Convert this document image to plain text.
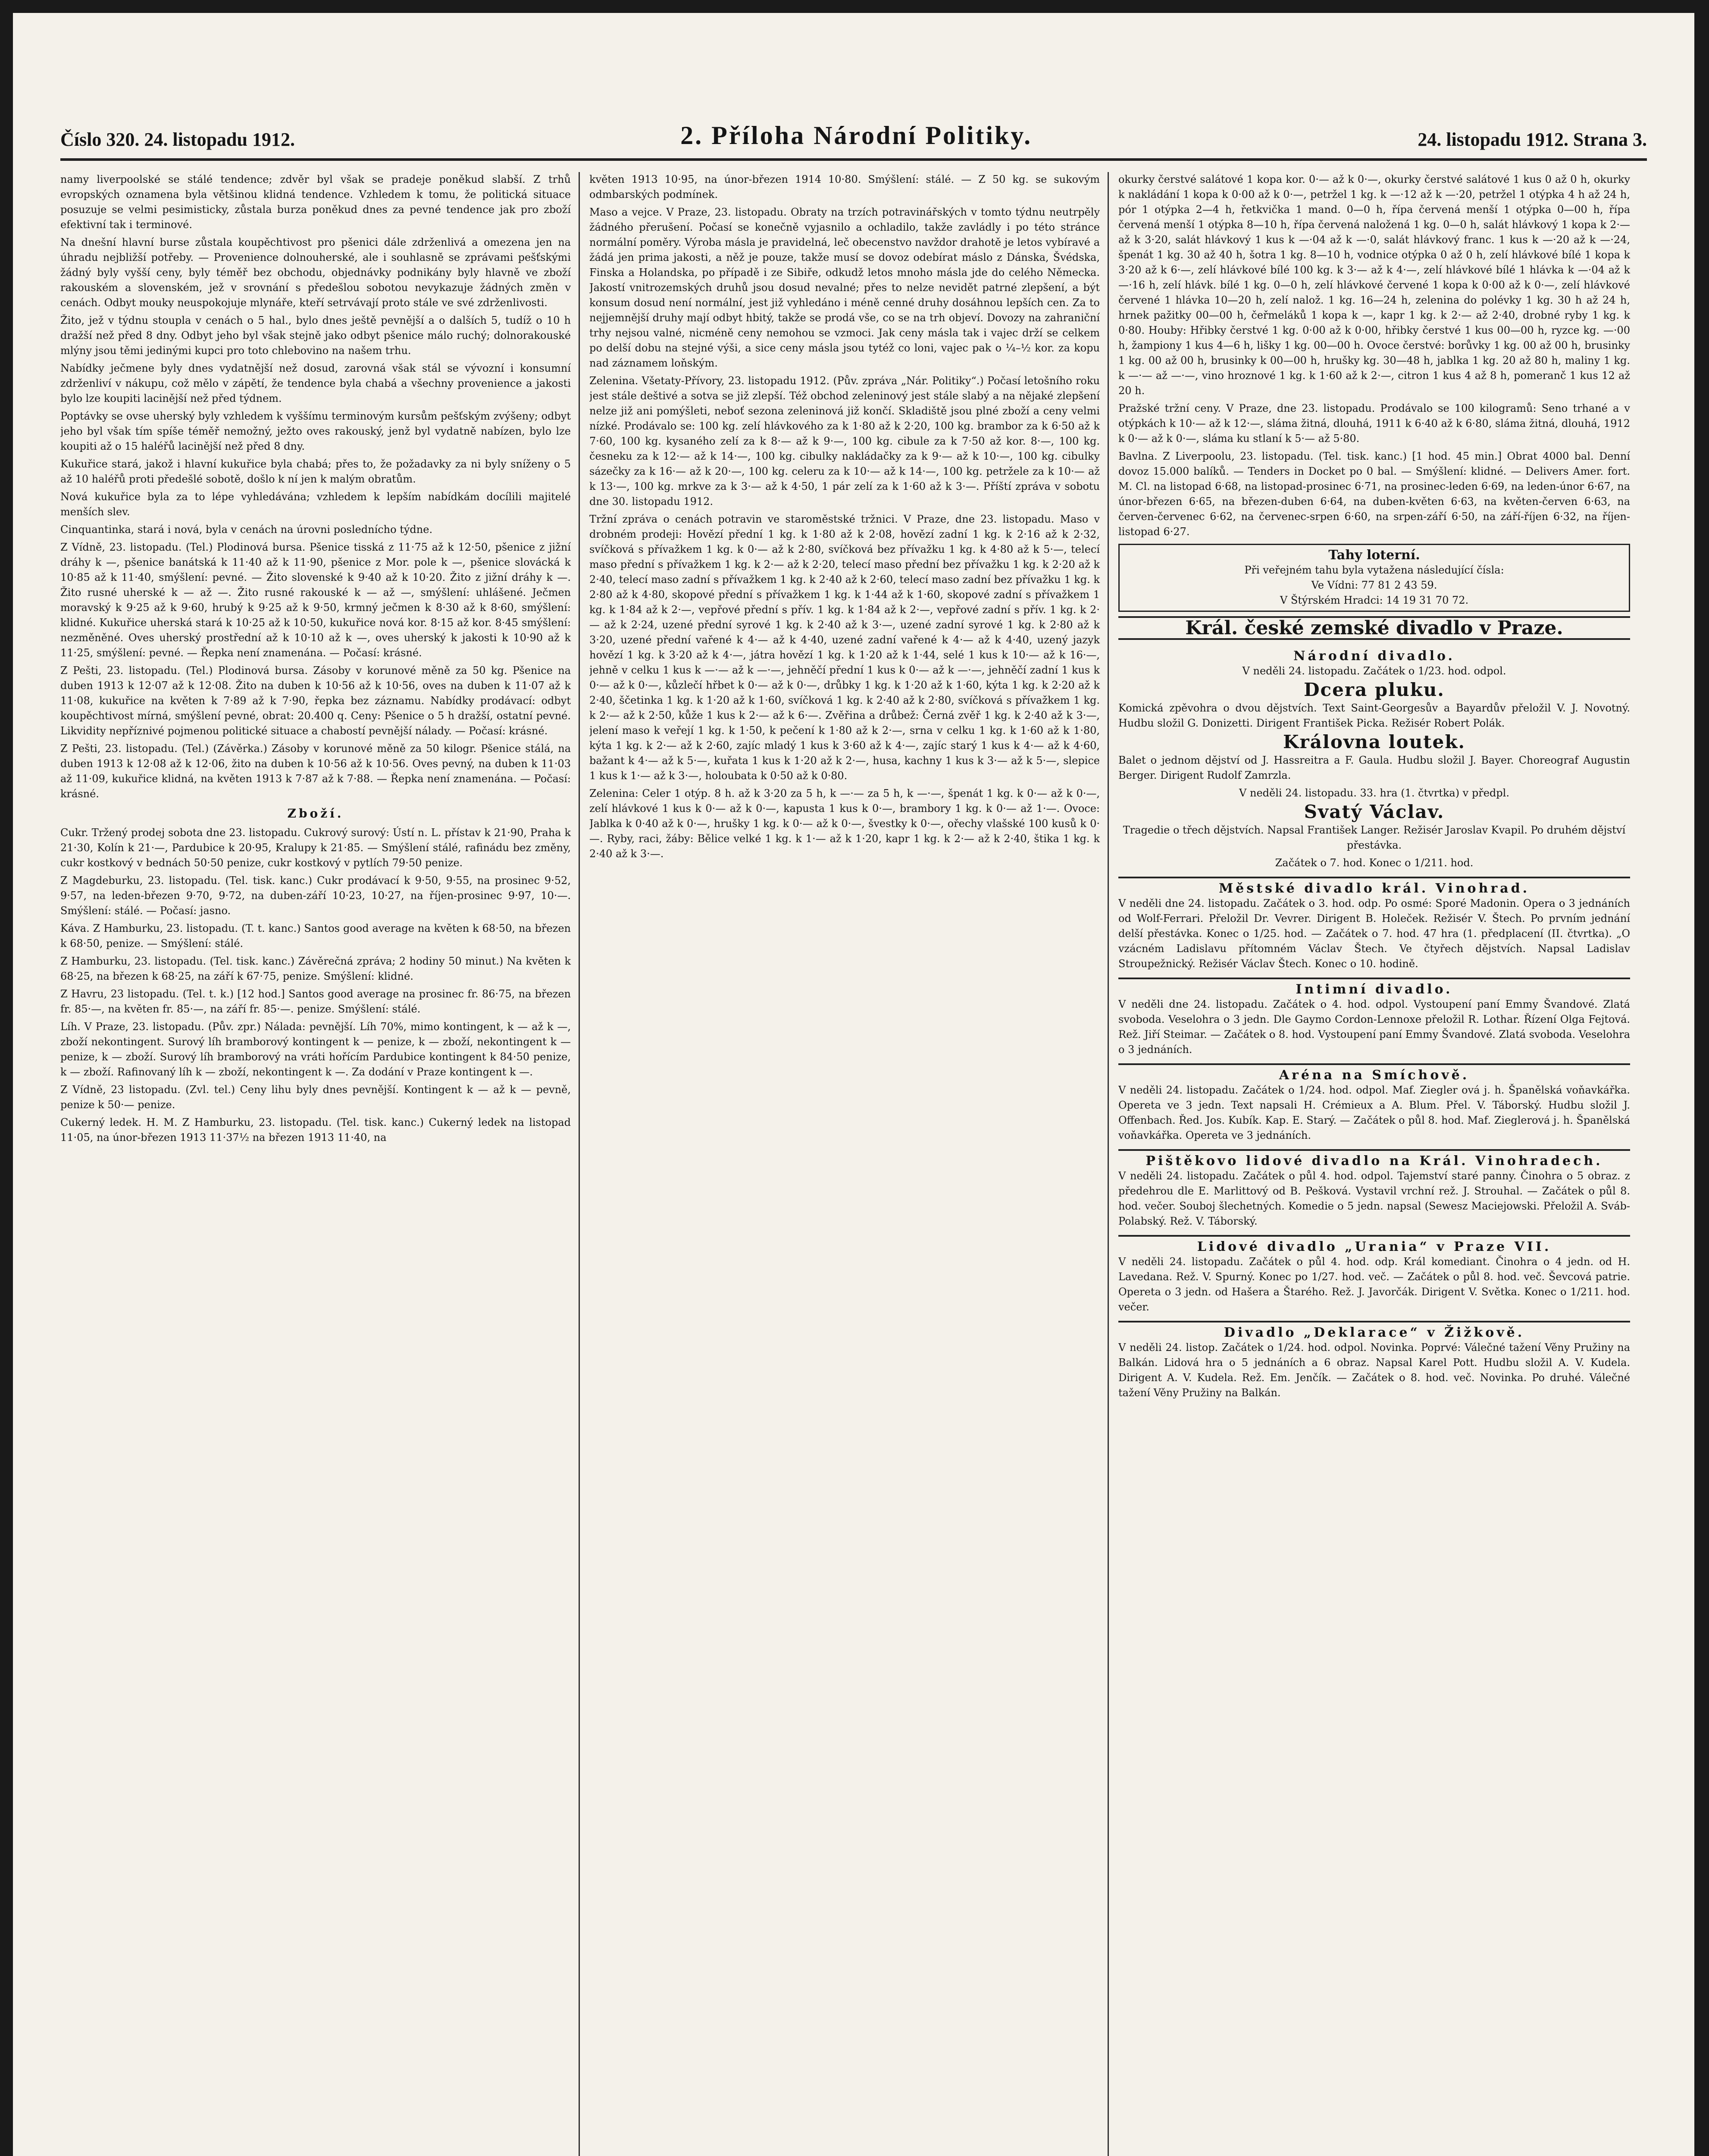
Číslo 320. 24. listopadu 1912.	2. Příloha Národní Politiky.	24. listopadu 1912. Strana 3.

namy liverpoolské se stálé tendence; zdvěr byl však se pradeje poněkud slabší. Z trhů evropských oznamena byla většinou klidná tendence. Vzhledem k tomu, že politická situace posuzuje se velmi pesimisticky, zůstala burza poněkud dnes za pevné tendence jak pro zboží efektivní tak i terminové.

Na dnešní hlavní burse zůstala koupěchtivost pro pšenici dále zdrženlivá a omezena jen na úhradu nejbližší potřeby. — Provenience dolnouherské, ale i souhlasně se zprávami pešťskými žádný byly vyšší ceny, byly téměř bez obchodu, objednávky podnikány byly hlavně ve zboží rakouském a slovenském, jež v srovnání s předešlou sobotou nevykazuje žádných změn v cenách. Odbyt mouky neuspokojuje mlynáře, kteří setrvávají proto stále ve své zdrženlivosti.

Žito, jež v týdnu stoupla v cenách o 5 hal., bylo dnes ještě pevnější a o dalších 5, tudíž o 10 h dražší než před 8 dny. Odbyt jeho byl však stejně jako odbyt pšenice málo ruchý; dolnorakouské mlýny jsou těmi jedinými kupci pro toto chlebovino na našem trhu.

Nabídky ječmene byly dnes vydatnější než dosud, zarovná však stál se vývozní i konsumní zdrženliví v nákupu, což mělo v zápětí, že tendence byla chabá a všechny provenience a jakosti bylo lze koupiti lacinější než před týdnem.

Poptávky se ovse uherský byly vzhledem k vyššímu terminovým kursům pešťským zvýšeny; odbyt jeho byl však tím spíše téměř nemožný, ježto oves rakouský, jenž byl vydatně nabízen, bylo lze koupiti až o 15 haléřů lacinější než před 8 dny.

Kukuřice stará, jakož i hlavní kukuřice byla chabá; přes to, že požadavky za ni byly sníženy o 5 až 10 haléřů proti předešlé sobotě, došlo k ní jen k malým obratům.

Nová kukuřice byla za to lépe vyhledávána; vzhledem k lepším nabídkám docílili majitelé menších slev.

Cinquantinka, stará i nová, byla v cenách na úrovni poslednícho týdne.

Z Vídně, 23. listopadu. (Tel.) Plodinová bursa. Pšenice tisská z 11·75 až k 12·50, pšenice z jižní dráhy k —, pšenice banátská k 11·40 až k 11·90, pšenice z Mor. pole k —, pšenice slovácká k 10·85 až k 11·40, smýšlení: pevné. — Žito slovenské k 9·40 až k 10·20. Žito z jižní dráhy k —. Žito rusné uherské k — až —. Žito rusné rakouské k — až —, smýšlení: uhlášené. Ječmen moravský k 9·25 až k 9·60, hrubý k 9·25 až k 9·50, krmný ječmen k 8·30 až k 8·60, smýšlení: klidné. Kukuřice uherská stará k 10·25 až k 10·50, kukuřice nová kor. 8·15 až kor. 8·45 smýšlení: nezměněné. Oves uherský prostřední až k 10·10 až k —, oves uherský k jakosti k 10·90 až k 11·25, smýšlení: pevné. — Řepka není znamenána. — Počasí: krásné.

Z Pešti, 23. listopadu. (Tel.) Plodinová bursa. Zásoby v korunové měně za 50 kg. Pšenice na duben 1913 k 12·07 až k 12·08. Žito na duben k 10·56 až k 10·56, oves na duben k 11·07 až k 11·08, kukuřice na květen k 7·89 až k 7·90, řepka bez záznamu. Nabídky prodávací: odbyt koupěchtivost mírná, smýšlení pevné, obrat: 20.400 q. Ceny: Pšenice o 5 h dražší, ostatní pevné. Likvidity nepříznivé pojmenou politické situace a chabostí pevnější nálady. — Počasí: krásné.

Z Pešti, 23. listopadu. (Tel.) (Závěrka.) Zásoby v korunové měně za 50 kilogr. Pšenice stálá, na duben 1913 k 12·08 až k 12·06, žito na duben k 10·56 až k 10·56. Oves pevný, na duben k 11·03 až 11·09, kukuřice klidná, na květen 1913 k 7·87 až k 7·88. — Řepka není znamenána. — Počasí: krásné.

Zboží.

Cukr. Tržený prodej sobota dne 23. listopadu. Cukrový surový: Ústí n. L. přístav k 21·90, Praha k 21·30, Kolín k 21·—, Pardubice k 20·95, Kralupy k 21·85. — Smýšlení stálé, rafinádu bez změny, cukr kostkový v bednách 50·50 penize, cukr kostkový v pytlích 79·50 penize.

Z Magdeburku, 23. listopadu. (Tel. tisk. kanc.) Cukr prodávací k 9·50, 9·55, na prosinec 9·52, 9·57, na leden-březen 9·70, 9·72, na duben-září 10·23, 10·27, na říjen-prosinec 9·97, 10·—. Smýšlení: stálé. — Počasí: jasno.

Káva. Z Hamburku, 23. listopadu. (T. t. kanc.) Santos good average na květen k 68·50, na březen k 68·50, penize. — Smýšlení: stálé.

Z Hamburku, 23. listopadu. (Tel. tisk. kanc.) Závěrečná zpráva; 2 hodiny 50 minut.) Na květen k 68·25, na březen k 68·25, na září k 67·75, penize. Smýšlení: klidné.

Z Havru, 23 listopadu. (Tel. t. k.) [12 hod.] Santos good average na prosinec fr. 86·75, na březen fr. 85·—, na květen fr. 85·—, na září fr. 85·—. penize. Smýšlení: stálé.

Líh. V Praze, 23. listopadu. (Pův. zpr.) Nálada: pevnější. Líh 70%, mimo kontingent, k — až k —, zboží nekontingent. Surový líh bramborový kontingent k — penize, k — zboží, nekontingent k — penize, k — zboží. Surový líh bramborový na vráti hořícím Pardubice kontingent k 84·50 penize, k — zboží. Rafinovaný líh k — zboží, nekontingent k —. Za dodání v Praze kontingent k —.

Z Vídně, 23 listopadu. (Zvl. tel.) Ceny lihu byly dnes pevnější. Kontingent k — až k — pevně, penize k 50·— penize.

Cukerný ledek. H. M. Z Hamburku, 23. listopadu. (Tel. tisk. kanc.) Cukerný ledek na listopad 11·05, na únor-březen 1913 11·37½ na březen 1913 11·40, na

květen 1913 10·95, na únor-březen 1914 10·80. Smýšlení: stálé. — Z 50 kg. se sukovým odmbarských podmínek.

Maso a vejce. V Praze, 23. listopadu. Obraty na trzích potravinářských v tomto týdnu neutrpěly žádného přerušení. Počasí se konečně vyjasnilo a ochladilo, takže zavládly i po této stránce normální poměry. Výroba másla je pravidelná, leč obecenstvo navždor drahotě je letos vybíravé a žádá jen prima jakosti, a něž je pouze, takže musí se dovoz odebírat máslo z Dánska, Švédska, Finska a Holandska, po případě i ze Sibiře, odkudž letos mnoho másla jde do celého Německa. Jakostí vnitrozemských druhů jsou dosud nevalné; přes to nelze nevidět patrné zlepšení, a být konsum dosud není normální, jest již vyhledáno i méně cenné druhy dosáhnou lepších cen. Za to nejjemnější druhy mají odbyt hbitý, takže se prodá vše, co se na trh objeví. Dovozy na zahraniční trhy nejsou valné, nicméně ceny nemohou se vzmoci. Jak ceny másla tak i vajec drží se celkem po delší dobu na stejné výši, a sice ceny másla jsou tytéž co loni, vajec pak o ¼–½ kor. za kopu nad záznamem loňským.

Zelenina. Všetaty-Přívory, 23. listopadu 1912. (Pův. zpráva „Nár. Politiky“.) Počasí letošního roku jest stále deštivé a sotva se již zlepší. Též obchod zeleninový jest stále slabý a na nějaké zlepšení nelze již ani pomýšleti, neboť sezona zeleninová již končí. Skladiště jsou plné zboží a ceny velmi nízké. Prodávalo se: 100 kg. zelí hlávkového za k 1·80 až k 2·20, 100 kg. brambor za k 6·50 až k 7·60, 100 kg. kysaného zelí za k 8·— až k 9·—, 100 kg. cibule za k 7·50 až kor. 8·—, 100 kg. česneku za k 12·— až k 14·—, 100 kg. cibulky nakládačky za k 9·— až k 10·—, 100 kg. cibulky sázečky za k 16·— až k 20·—, 100 kg. celeru za k 10·— až k 14·—, 100 kg. petržele za k 10·— až k 13·—, 100 kg. mrkve za k 3·— až k 4·50, 1 pár zelí za k 1·60 až k 3·—. Příští zpráva v sobotu dne 30. listopadu 1912.

Tržní zpráva o cenách potravin ve staroměstské tržnici. V Praze, dne 23. listopadu. Maso v drobném prodeji: Hovězí přední 1 kg. k 1·80 až k 2·08, hovězí zadní 1 kg. k 2·16 až k 2·32, svíčková s přívažkem 1 kg. k 0·— až k 2·80, svíčková bez přívažku 1 kg. k 4·80 až k 5·—, telecí maso přední s přívažkem 1 kg. k 2·— až k 2·20, telecí maso přední bez přívažku 1 kg. k 2·20 až k 2·40, telecí maso zadní s přívažkem 1 kg. k 2·40 až k 2·60, telecí maso zadní bez přívažku 1 kg. k 2·80 až k 4·80, skopové přední s přívažkem 1 kg. k 1·44 až k 1·60, skopové zadní s přívažkem 1 kg. k 1·84 až k 2·—, vepřové přední s přív. 1 kg. k 1·84 až k 2·—, vepřové zadní s přív. 1 kg. k 2·— až k 2·24, uzené přední syrové 1 kg. k 2·40 až k 3·—, uzené zadní syrové 1 kg. k 2·80 až k 3·20, uzené přední vařené k 4·— až k 4·40, uzené zadní vařené k 4·— až k 4·40, uzený jazyk hovězí 1 kg. k 3·20 až k 4·—, játra hovězí 1 kg. k 1·20 až k 1·44, selé 1 kus k 10·— až k 16·—, jehně v celku 1 kus k —·— až k —·—, jehněčí přední 1 kus k 0·— až k —·—, jehněčí zadní 1 kus k 0·— až k 0·—, kůzlečí hřbet k 0·— až k 0·—, drůbky 1 kg. k 1·20 až k 1·60, kýta 1 kg. k 2·20 až k 2·40, ščetinka 1 kg. k 1·20 až k 1·60, svíčková 1 kg. k 2·40 až k 2·80, svíčková s přívažkem 1 kg. k 2·— až k 2·50, kůže 1 kus k 2·— až k 6·—. Zvěřina a drůbež: Černá zvěř 1 kg. k 2·40 až k 3·—, jelení maso k veřejí 1 kg. k 1·50, k pečení k 1·80 až k 2·—, srna v celku 1 kg. k 1·60 až k 1·80, kýta 1 kg. k 2·— až k 2·60, zajíc mladý 1 kus k 3·60 až k 4·—, zajíc starý 1 kus k 4·— až k 4·60, bažant k 4·— až k 5·—, kuřata 1 kus k 1·20 až k 2·—, husa, kachny 1 kus k 3·— až k 5·—, slepice 1 kus k 1·— až k 3·—, holoubata k 0·50 až k 0·80.

Zelenina: Celer 1 otýp. 8 h. až k 3·20 za 5 h, k —·— za 5 h, k —·—, špenát 1 kg. k 0·— až k 0·—, zelí hlávkové 1 kus k 0·— až k 0·—, kapusta 1 kus k 0·—, brambory 1 kg. k 0·— až 1·—. Ovoce: Jablka k 0·40 až k 0·—, hrušky 1 kg. k 0·— až k 0·—, švestky k 0·—, ořechy vlašské 100 kusů k 0·—. Ryby, raci, žáby: Bělice velké 1 kg. k 1·— až k 1·20, kapr 1 kg. k 2·— až k 2·40, štika 1 kg. k 2·40 až k 3·—.

okurky čerstvé salátové 1 kopa kor. 0·— až k 0·—, okurky čerstvé salátové 1 kus 0 až 0 h, okurky k nakládání 1 kopa k 0·00 až k 0·—, petržel 1 kg. k —·12 až k —·20, petržel 1 otýpka 4 h až 24 h, pór 1 otýpka 2—4 h, řetkvička 1 mand. 0—0 h, řípa červená menší 1 otýpka 0—00 h, řípa červená menší 1 otýpka 8—10 h, řípa červená naložená 1 kg. 0—0 h, salát hlávkový 1 kopa k 2·— až k 3·20, salát hlávkový 1 kus k —·04 až k —·0, salát hlávkový franc. 1 kus k —·20 až k —·24, špenát 1 kg. 30 až 40 h, šotra 1 kg. 8—10 h, vodnice otýpka 0 až 0 h, zelí hlávkové bílé 1 kopa k 3·20 až k 6·—, zelí hlávkové bílé 100 kg. k 3·— až k 4·—, zelí hlávkové bílé 1 hlávka k —·04 až k —·16 h, zelí hlávk. bílé 1 kg. 0—0 h, zelí hlávkové červené 1 kopa k 0·00 až k 0·—, zelí hlávkové červené 1 hlávka 10—20 h, zelí nalož. 1 kg. 16—24 h, zelenina do polévky 1 kg. 30 h až 24 h, hrnek pažitky 00—00 h, čeřmeláků 1 kopa k —, kapr 1 kg. k 2·— až 2·40, drobné ryby 1 kg. k 0·80. Houby: Hřibky čerstvé 1 kg. 0·00 až k 0·00, hřibky čerstvé 1 kus 00—00 h, ryzce kg. —·00 h, žampiony 1 kus 4—6 h, lišky 1 kg. 00—00 h. Ovoce čerstvé: borůvky 1 kg. 00 až 00 h, brusinky 1 kg. 00 až 00 h, brusinky k 00—00 h, hrušky kg. 30—48 h, jablka 1 kg. 20 až 80 h, maliny 1 kg. k —·— až —·—, vino hroznové 1 kg. k 1·60 až k 2·—, citron 1 kus 4 až 8 h, pomeranč 1 kus 12 až 20 h.

Pražské tržní ceny. V Praze, dne 23. listopadu. Prodávalo se 100 kilogramů: Seno trhané a v otýpkách k 10·— až k 12·—, sláma žitná, dlouhá, 1911 k 6·40 až k 6·80, sláma žitná, dlouhá, 1912 k 0·— až k 0·—, sláma ku stlaní k 5·— až 5·80.

Bavlna. Z Liverpoolu, 23. listopadu. (Tel. tisk. kanc.) [1 hod. 45 min.] Obrat 4000 bal. Denní dovoz 15.000 balíků. — Tenders in Docket po 0 bal. — Smýšlení: klidné. — Delivers Amer. fort. M. Cl. na listopad 6·68, na listopad-prosinec 6·71, na prosinec-leden 6·69, na leden-únor 6·67, na únor-březen 6·65, na březen-duben 6·64, na duben-květen 6·63, na květen-červen 6·63, na červen-červenec 6·62, na červenec-srpen 6·60, na srpen-září 6·50, na září-říjen 6·32, na říjen-listopad 6·27.

Tahy loterní.
Při veřejném tahu byla vytažena následující čísla:
Ve Vídni: 77 81 2 43 59.
V Štýrském Hradci: 14 19 31 70 72.
Král. české zemské divadlo v Praze.
Národní divadlo.
V neděli 24. listopadu. Začátek o 1/23. hod. odpol.
Dcera pluku.

Komická zpěvohra o dvou dějstvích. Text Saint-Georgesův a Bayardův přeložil V. J. Novotný. Hudbu složil G. Donizetti. Dirigent František Picka. Režisér Robert Polák.

Královna loutek.

Balet o jednom dějství od J. Hassreitra a F. Gaula. Hudbu složil J. Bayer. Choreograf Augustin Berger. Dirigent Rudolf Zamrzla.

V neděli 24. listopadu. 33. hra (1. čtvrtka) v předpl.
Svatý Václav.

Tragedie o třech dějstvích. Napsal František Langer. Režisér Jaroslav Kvapil. Po druhém dějství přestávka.

Začátek o 7. hod. Konec o 1/211. hod.
Městské divadlo král. Vinohrad.

V neděli dne 24. listopadu. Začátek o 3. hod. odp. Po osmé: Sporé Madonin. Opera o 3 jednáních od Wolf-Ferrari. Přeložil Dr. Vevrer. Dirigent B. Holeček. Režisér V. Štech. Po prvním jednání delší přestávka. Konec o 1/25. hod. — Začátek o 7. hod. 47 hra (1. předplacení (II. čtvrtka). „O vzácném Ladislavu přítomném Václav Štech. Ve čtyřech dějstvích. Napsal Ladislav Stroupežnický. Režisér Václav Štech. Konec o 10. hodině.

Intimní divadlo.

V neděli dne 24. listopadu. Začátek o 4. hod. odpol. Vystoupení paní Emmy Švandové. Zlatá svoboda. Veselohra o 3 jedn. Dle Gaymo Cordon-Lennoxe přeložil R. Lothar. Řízení Olga Fejtová. Rež. Jiří Steimar. — Začátek o 8. hod. Vystoupení paní Emmy Švandové. Zlatá svoboda. Veselohra o 3 jednáních.

Aréna na Smíchově.

V neděli 24. listopadu. Začátek o 1/24. hod. odpol. Maf. Ziegler ová j. h. Španělská voňavkářka. Opereta ve 3 jedn. Text napsali H. Crémieux a A. Blum. Přel. V. Táborský. Hudbu složil J. Offenbach. Řed. Jos. Kubík. Kap. E. Starý. — Začátek o půl 8. hod. Maf. Zieglerová j. h. Španělská voňavkářka. Opereta ve 3 jednáních.

Pištěkovo lidové divadlo na Král. Vinohradech.

V neděli 24. listopadu. Začátek o půl 4. hod. odpol. Tajemství staré panny. Činohra o 5 obraz. z předehrou dle E. Marlittový od B. Pešková. Vystavil vrchní rež. J. Strouhal. — Začátek o půl 8. hod. večer. Souboj šlechetných. Komedie o 5 jedn. napsal (Sewesz Maciejowski. Přeložil A. Sváb-Polabský. Rež. V. Táborský.

Lidové divadlo „Urania“ v Praze VII.

V neděli 24. listopadu. Začátek o půl 4. hod. odp. Král komediant. Činohra o 4 jedn. od H. Lavedana. Rež. V. Spurný. Konec po 1/27. hod. več. — Začátek o půl 8. hod. več. Ševcová patrie. Opereta o 3 jedn. od Hašera a Štarého. Rež. J. Javorčák. Dirigent V. Světka. Konec o 1/211. hod. večer.

Divadlo „Deklarace“ v Žižkově.

V neděli 24. listop. Začátek o 1/24. hod. odpol. Novinka. Poprvé: Válečné tažení Věny Pružiny na Balkán. Lidová hra o 5 jednáních a 6 obraz. Napsal Karel Pott. Hudbu složil A. V. Kudela. Dirigent A. V. Kudela. Rež. Em. Jenčík. — Začátek o 8. hod. več. Novinka. Po druhé. Válečné tažení Věny Pružiny na Balkán.
